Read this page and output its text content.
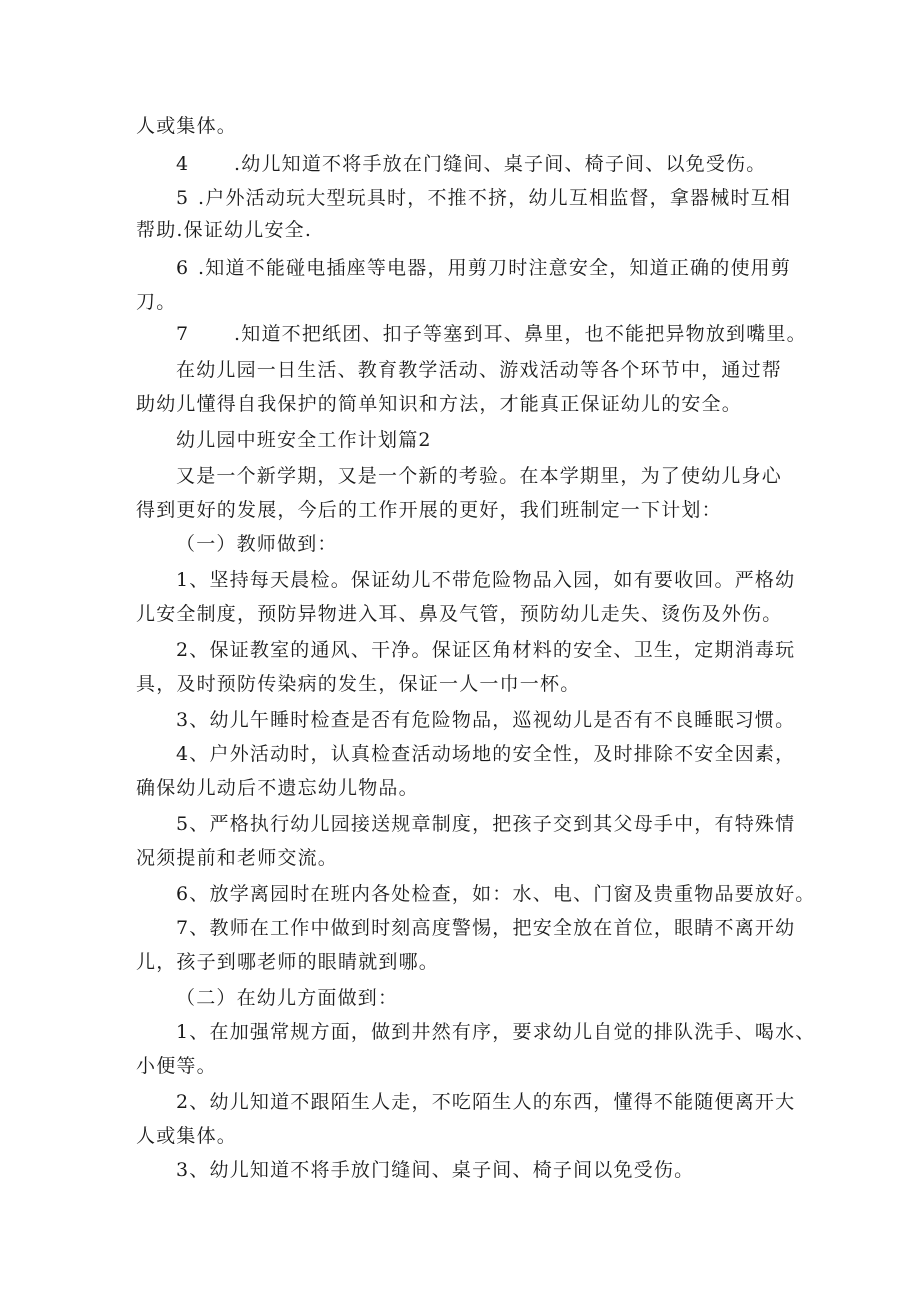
人或集体。
4 .幼儿知道不将手放在门缝间、桌子间、椅子间、以免受伤。
5 .户外活动玩大型玩具时，不推不挤，幼儿互相监督，拿器械时互相
帮助.保证幼儿安全.
6 .知道不能碰电插座等电器，用剪刀时注意安全，知道正确的使用剪
刀。
7 .知道不把纸团、扣子等塞到耳、鼻里，也不能把异物放到嘴里。
在幼儿园一日生活、教育教学活动、游戏活动等各个环节中，通过帮
助幼儿懂得自我保护的简单知识和方法，才能真正保证幼儿的安全。
幼儿园中班安全工作计划篇2
又是一个新学期，又是一个新的考验。在本学期里，为了使幼儿身心
得到更好的发展，今后的工作开展的更好，我们班制定一下计划：
（一）教师做到：
1、坚持每天晨检。保证幼儿不带危险物品入园，如有要收回。严格幼
儿安全制度，预防异物进入耳、鼻及气管，预防幼儿走失、烫伤及外伤。
2、保证教室的通风、干净。保证区角材料的安全、卫生，定期消毒玩
具，及时预防传染病的发生，保证一人一巾一杯。
3、幼儿午睡时检查是否有危险物品，巡视幼儿是否有不良睡眠习惯。
4、户外活动时，认真检查活动场地的安全性，及时排除不安全因素，
确保幼儿动后不遗忘幼儿物品。
5、严格执行幼儿园接送规章制度，把孩子交到其父母手中，有特殊情
况须提前和老师交流。
6、放学离园时在班内各处检查，如：水、电、门窗及贵重物品要放好。
7、教师在工作中做到时刻高度警惕，把安全放在首位，眼睛不离开幼
儿，孩子到哪老师的眼睛就到哪。
（二）在幼儿方面做到：
1、在加强常规方面，做到井然有序，要求幼儿自觉的排队洗手、喝水、
小便等。
2、幼儿知道不跟陌生人走，不吃陌生人的东西，懂得不能随便离开大
人或集体。
3、幼儿知道不将手放门缝间、桌子间、椅子间以免受伤。
